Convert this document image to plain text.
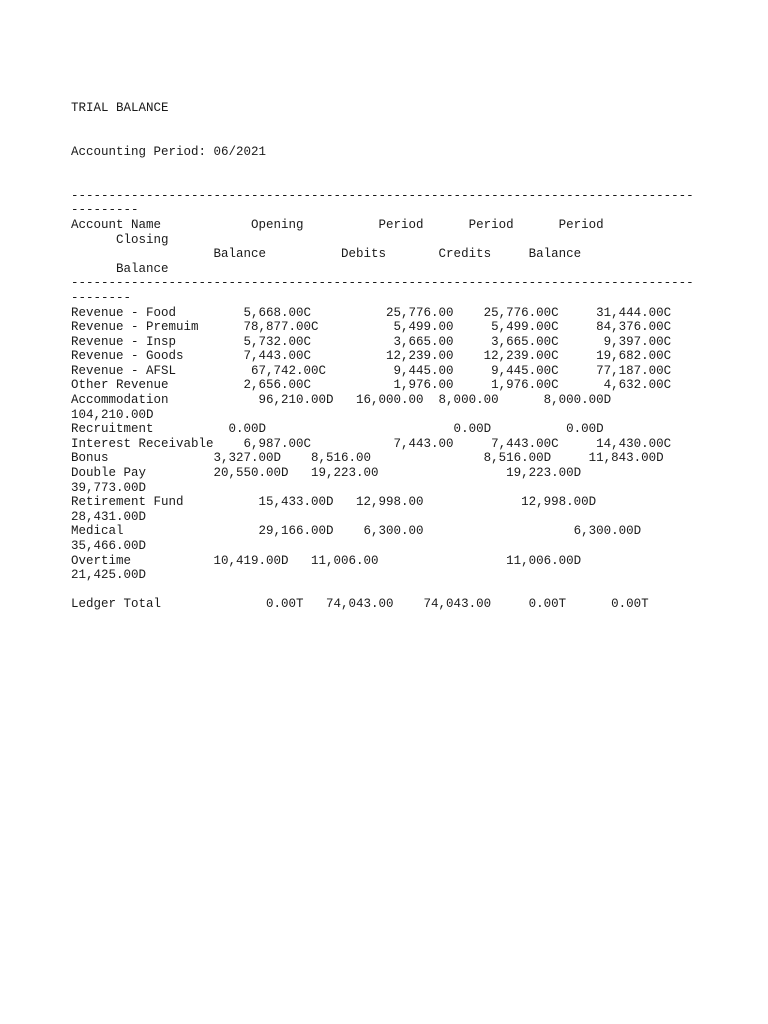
TRIAL BALANCE

Accounting Period: 06/2021

-----------------------------------------------------------------------------------
---------
Account Name            Opening          Period      Period      Period
Closing
Balance          Debits       Credits     Balance
Balance
-----------------------------------------------------------------------------------
--------
Revenue - Food         5,668.00C          25,776.00    25,776.00C     31,444.00C
Revenue - Premuim      78,877.00C          5,499.00     5,499.00C     84,376.00C
Revenue - Insp         5,732.00C           3,665.00     3,665.00C      9,397.00C
Revenue - Goods        7,443.00C          12,239.00    12,239.00C     19,682.00C
Revenue - AFSL          67,742.00C         9,445.00     9,445.00C     77,187.00C
Other Revenue          2,656.00C           1,976.00     1,976.00C      4,632.00C
Accommodation            96,210.00D   16,000.00  8,000.00      8,000.00D
104,210.00D
Recruitment          0.00D                         0.00D          0.00D
Interest Receivable    6,987.00C           7,443.00     7,443.00C     14,430.00C
Bonus              3,327.00D    8,516.00               8,516.00D     11,843.00D
Double Pay         20,550.00D   19,223.00                 19,223.00D
39,773.00D
Retirement Fund          15,433.00D   12,998.00             12,998.00D
28,431.00D
Medical                  29,166.00D    6,300.00                    6,300.00D
35,466.00D
Overtime           10,419.00D   11,006.00                 11,006.00D
21,425.00D
Ledger Total              0.00T   74,043.00    74,043.00     0.00T      0.00T
